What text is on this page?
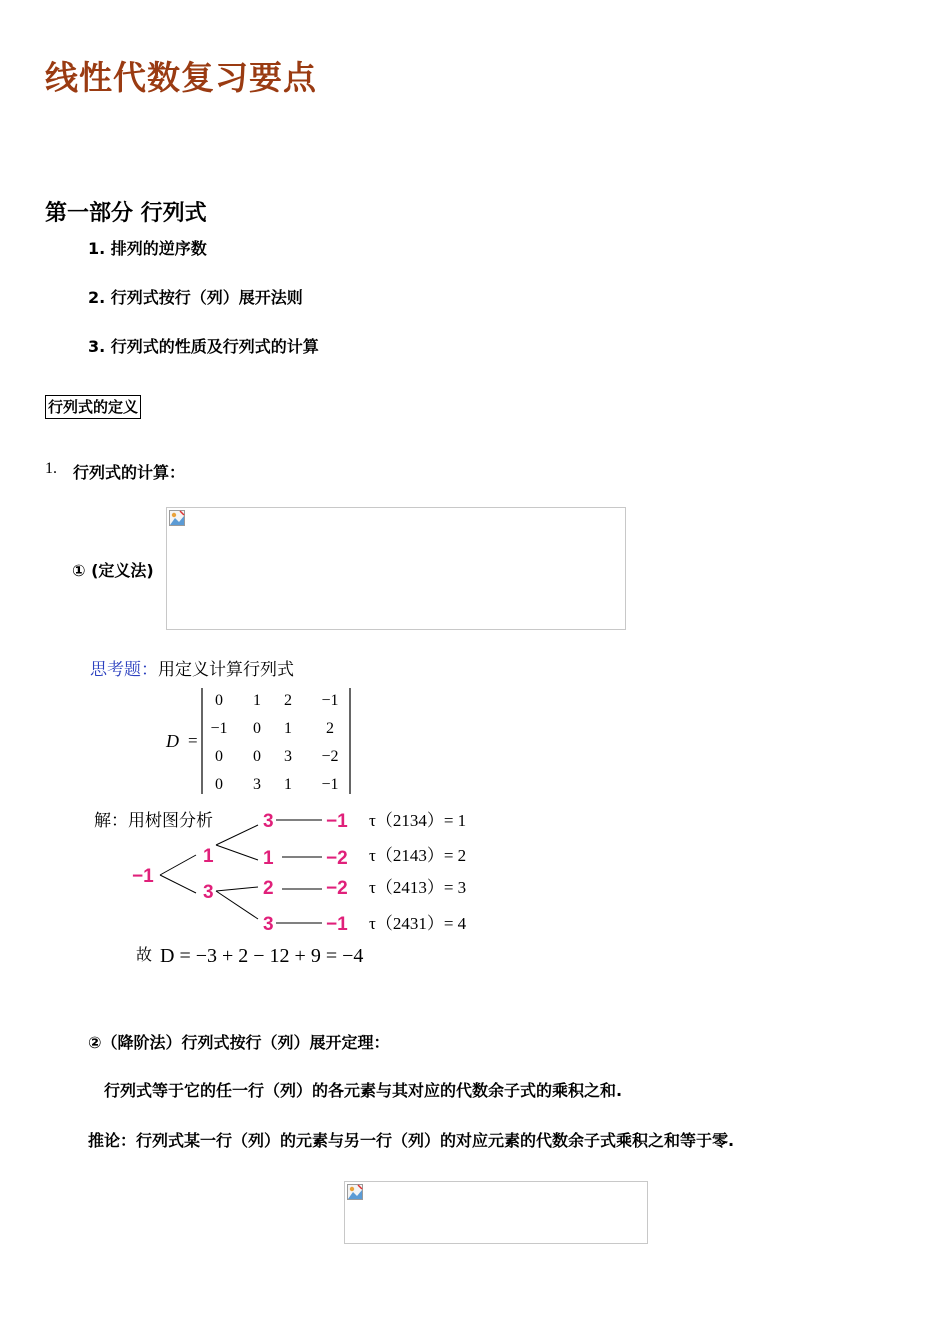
线性代数复习要点
第一部分 行列式
1. 排列的逆序数
2. 行列式按行（列）展开法则
3. 行列式的性质及行列式的计算
行列式的定义
1. 行列式的计算：
① (定义法)
思考题：用定义计算行列式
D =
0 1 2 −1
−1 0 1 2
0 0 3 −2
0 3 1 −1
解：用树图分析
−1
1
3
3
1
2
3
−1
−2
−2
−1
τ（2134）= 1
τ（2143）= 2
τ（2413）= 3
τ（2431）= 4
故 D = −3 + 2 − 12 + 9 = −4
②（降阶法）行列式按行（列）展开定理：
行列式等于它的任一行（列）的各元素与其对应的代数余子式的乘积之和.
推论：行列式某一行（列）的元素与另一行（列）的对应元素的代数余子式乘积之和等于零.
